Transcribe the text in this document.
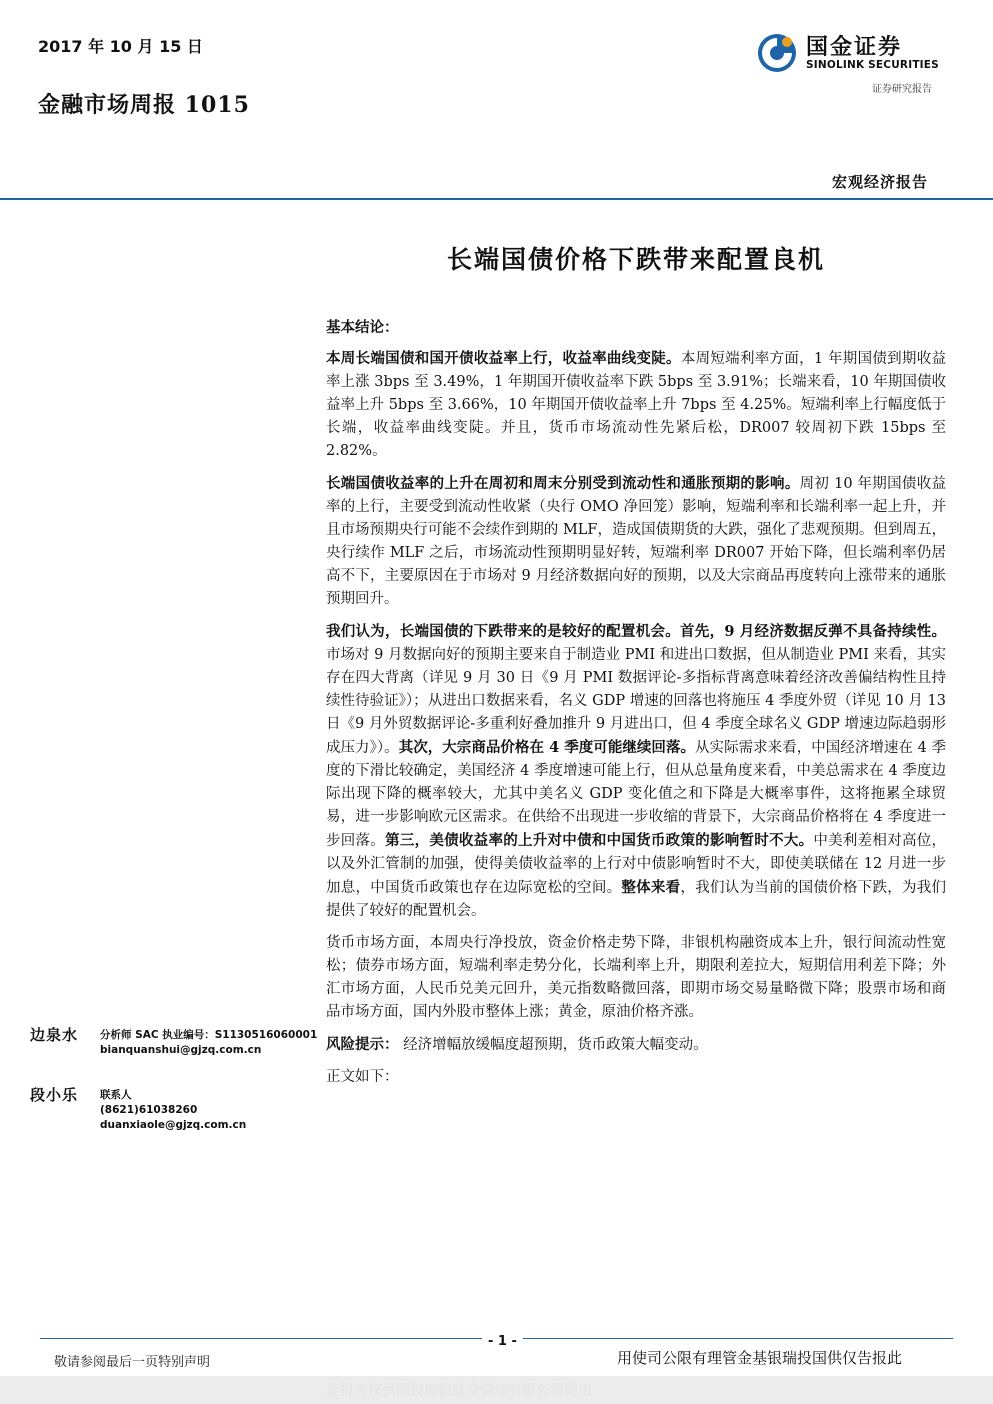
2017 年 10 月 15 日
金融市场周报 1015
国金证券
SINOLINK SECURITIES
证券研究报告
宏观经济报告
长端国债价格下跌带来配置良机
基本结论：

本周长端国债和国开债收益率上行，收益率曲线变陡。本周短端利率方面，1 年期国债到期收益率上涨 3bps 至 3.49%，1 年期国开债收益率下跌 5bps 至 3.91%；长端来看，10 年期国债收益率上升 5bps 至 3.66%，10 年期国开债收益率上升 7bps 至 4.25%。短端利率上行幅度低于长端，收益率曲线变陡。并且，货币市场流动性先紧后松，DR007 较周初下跌 15bps 至 2.82%。

长端国债收益率的上升在周初和周末分别受到流动性和通胀预期的影响。周初 10 年期国债收益率的上行，主要受到流动性收紧（央行 OMO 净回笼）影响，短端利率和长端利率一起上升，并且市场预期央行可能不会续作到期的 MLF，造成国债期货的大跌，强化了悲观预期。但到周五，央行续作 MLF 之后，市场流动性预期明显好转，短端利率 DR007 开始下降，但长端利率仍居高不下，主要原因在于市场对 9 月经济数据向好的预期，以及大宗商品再度转向上涨带来的通胀预期回升。

我们认为，长端国债的下跌带来的是较好的配置机会。首先，9 月经济数据反弹不具备持续性。市场对 9 月数据向好的预期主要来自于制造业 PMI 和进出口数据，但从制造业 PMI 来看，其实存在四大背离（详见 9 月 30 日《9 月 PMI 数据评论-多指标背离意味着经济改善偏结构性且持续性待验证》）；从进出口数据来看，名义 GDP 增速的回落也将施压 4 季度外贸（详见 10 月 13 日《9 月外贸数据评论-多重利好叠加推升 9 月进出口，但 4 季度全球名义 GDP 增速边际趋弱形成压力》）。其次，大宗商品价格在 4 季度可能继续回落。从实际需求来看，中国经济增速在 4 季度的下滑比较确定，美国经济 4 季度增速可能上行，但从总量角度来看，中美总需求在 4 季度边际出现下降的概率较大，尤其中美名义 GDP 变化值之和下降是大概率事件，这将拖累全球贸易，进一步影响欧元区需求。在供给不出现进一步收缩的背景下，大宗商品价格将在 4 季度进一步回落。第三，美债收益率的上升对中债和中国货币政策的影响暂时不大。中美利差相对高位，以及外汇管制的加强，使得美债收益率的上行对中债影响暂时不大，即使美联储在 12 月进一步加息，中国货币政策也存在边际宽松的空间。整体来看，我们认为当前的国债价格下跌，为我们提供了较好的配置机会。

货币市场方面，本周央行净投放，资金价格走势下降，非银机构融资成本上升，银行间流动性宽松；债券市场方面，短端利率走势分化，长端利率上升，期限利差拉大，短期信用利差下降；外汇市场方面，人民币兑美元回升，美元指数略微回落，即期市场交易量略微下降；股票市场和商品市场方面，国内外股市整体上涨；黄金，原油价格齐涨。

风险提示： 经济增幅放缓幅度超预期，货币政策大幅变动。

正文如下：

边泉水 分析师 SAC 执业编号：S1130516060001
bianquanshui@gjzq.com.cn
段小乐 联系人
(8621)61038260
duanxiaole@gjzq.com.cn
- 1 -
敬请参阅最后一页特别声明	用使司公限有理管金基银瑞投国供仅告报此
此报告仅供国投瑞银基金管理有限公司使用
